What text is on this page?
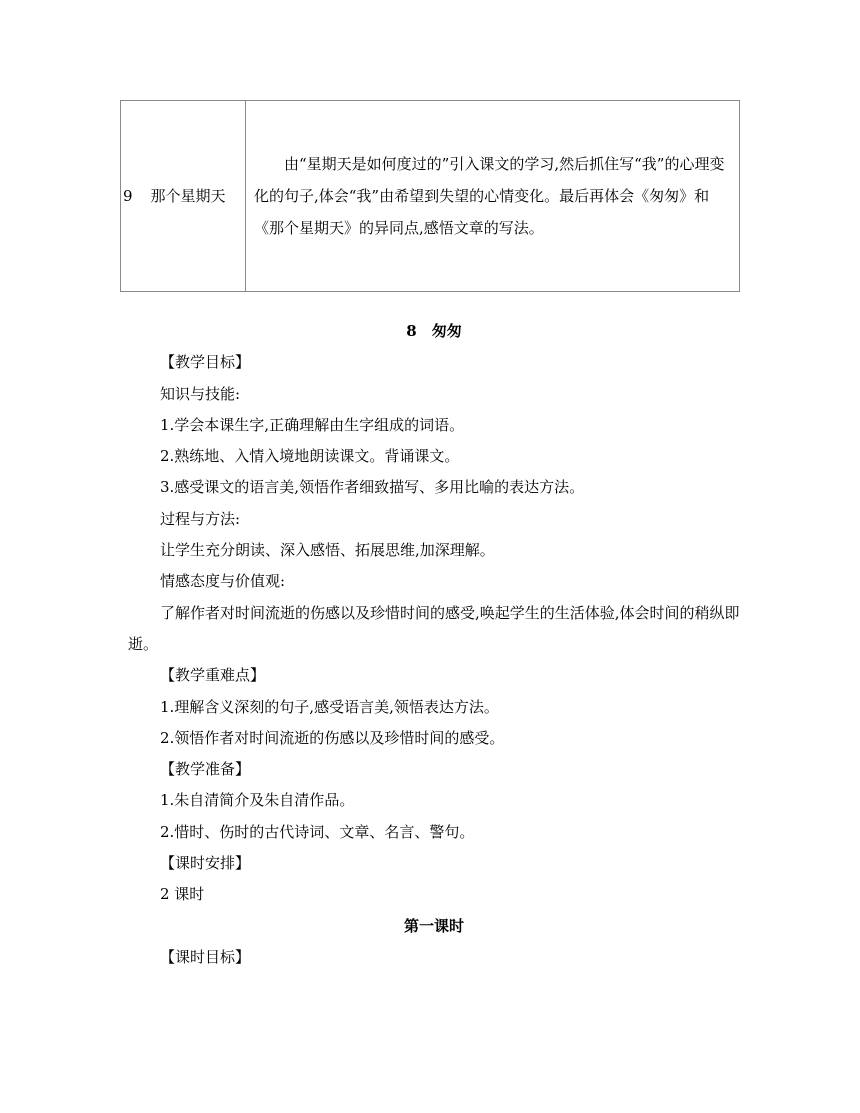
9 那个星期天	

由“星期天是如何度过的”引入课文的学习,然后抓住写“我”的心理变化的句子,体会“我”由希望到失望的心情变化。最后再体会《匆匆》和《那个星期天》的异同点,感悟文章的写法。

8　匆匆
【教学目标】
知识与技能:
1.学会本课生字,正确理解由生字组成的词语。
2.熟练地、入情入境地朗读课文。背诵课文。
3.感受课文的语言美,领悟作者细致描写、多用比喻的表达方法。
过程与方法:
让学生充分朗读、深入感悟、拓展思维,加深理解。
情感态度与价值观:
了解作者对时间流逝的伤感以及珍惜时间的感受,唤起学生的生活体验,体会时间的稍纵即逝。
【教学重难点】
1.理解含义深刻的句子,感受语言美,领悟表达方法。
2.领悟作者对时间流逝的伤感以及珍惜时间的感受。
【教学准备】
1.朱自清简介及朱自清作品。
2.惜时、伤时的古代诗词、文章、名言、警句。
【课时安排】
2 课时
第一课时
【课时目标】
